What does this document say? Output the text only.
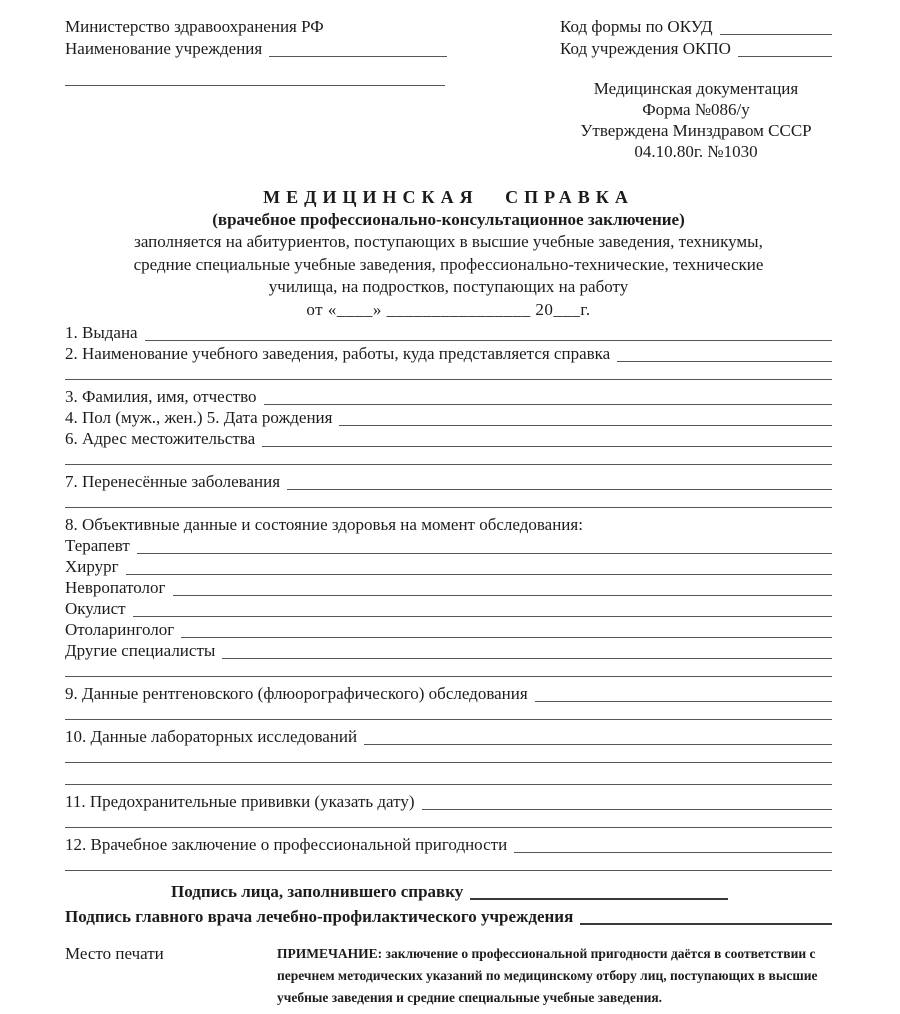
Министерство здравоохранения РФ
Наименование учреждения
Код формы по ОКУД
Код учреждения ОКПО
Медицинская документация
Форма №086/у
Утверждена Минздравом СССР
04.10.80г. №1030
МЕДИЦИНСКАЯ СПРАВКА
(врачебное профессионально-консультационное заключение)
заполняется на абитуриентов, поступающих в высшие учебные заведения, техникумы,
средние специальные учебные заведения, профессионально-технические, технические
училища, на подростков, поступающих на работу
от «____» ________________ 20___г.
1. Выдана
2. Наименование учебного заведения, работы, куда представляется справка
3. Фамилия, имя, отчество
4. Пол (муж., жен.) 5. Дата рождения
6. Адрес местожительства
7. Перенесённые заболевания
8. Объективные данные и состояние здоровья на момент обследования:
Терапевт
Хирург
Невропатолог
Окулист
Отоларинголог
Другие специалисты
9. Данные рентгеновского (флюорографического) обследования
10. Данные лабораторных исследований
11. Предохранительные прививки (указать дату)
12. Врачебное заключение о профессиональной пригодности
Подпись лица, заполнившего справку
Подпись главного врача лечебно-профилактического учреждения
Место печати	ПРИМЕЧАНИЕ: заключение о профессиональной пригодности даётся в соответствии с перечнем методических указаний по медицинскому отбору лиц, поступающих в высшие учебные заведения и средние специальные учебные заведения.
